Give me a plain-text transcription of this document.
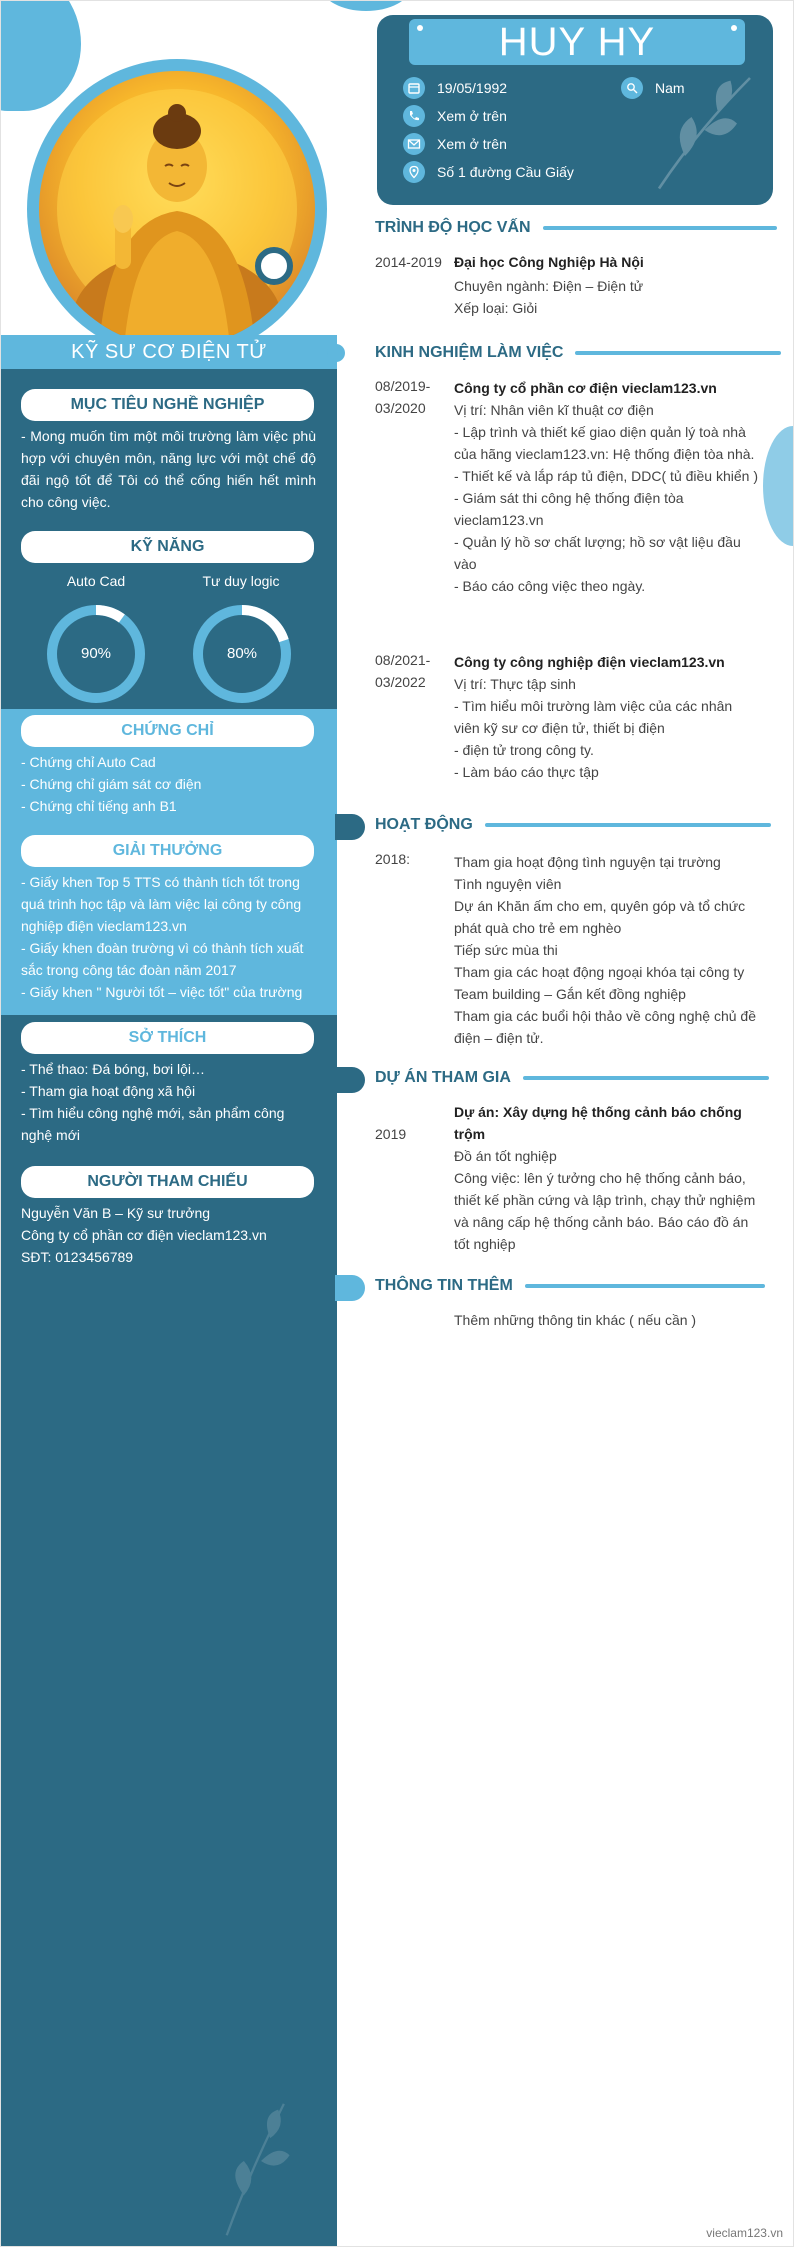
HUY HY
19/05/1992	Nam
Xem ở trên
Xem ở trên
Số 1 đường Cầu Giấy
KỸ SƯ CƠ ĐIỆN TỬ
MỤC TIÊU NGHỀ NGHIỆP
- Mong muốn tìm một môi trường làm việc phù hợp với chuyên môn, năng lực với một chế độ đãi ngộ tốt để Tôi có thể cống hiến hết mình cho công việc.
KỸ NĂNG
Auto Cad	Tư duy logic
90%	80%
CHỨNG CHỈ

- Chứng chỉ Auto Cad

- Chứng chỉ giám sát cơ điện

- Chứng chỉ tiếng anh B1

GIẢI THƯỞNG

- Giấy khen Top 5 TTS có thành tích tốt trong quá trình học tập và làm việc lại công ty công nghiệp điện vieclam123.vn

- Giấy khen đoàn trường vì có thành tích xuất sắc trong công tác đoàn năm 2017

- Giấy khen " Người tốt – việc tốt" của trường

SỞ THÍCH

- Thể thao: Đá bóng, bơi lội…

- Tham gia hoạt động xã hội

- Tìm hiểu công nghệ mới, sản phẩm công nghệ mới

NGƯỜI THAM CHIẾU

Nguyễn Văn B – Kỹ sư trưởng

Công ty cổ phần cơ điện vieclam123.vn

SĐT: 0123456789

TRÌNH ĐỘ HỌC VẤN
2014-2019 Đại học Công Nghiệp Hà Nội
Chuyên ngành: Điện – Điện tử
Xếp loại: Giỏi
KINH NGHIỆM LÀM VIỆC
08/2019-
03/2020
Công ty cổ phần cơ điện vieclam123.vn
Vị trí: Nhân viên kĩ thuật cơ điện

- Lập trình và thiết kế giao diện quản lý toà nhà của hãng vieclam123.vn: Hệ thống điện tòa nhà.

- Thiết kế và lắp ráp tủ điện, DDC( tủ điều khiển )

- Giám sát thi công hệ thống điện tòa vieclam123.vn

- Quản lý hồ sơ chất lượng; hồ sơ vật liệu đầu vào

- Báo cáo công việc theo ngày.

08/2021-
03/2022
Công ty công nghiệp điện vieclam123.vn
Vị trí: Thực tập sinh

- Tìm hiểu môi trường làm việc của các nhân viên kỹ sư cơ điện tử, thiết bị điện

- điện tử trong công ty.

- Làm báo cáo thực tập

HOẠT ĐỘNG
2018:	Tham gia hoạt động tình nguyện tại trường

Tình nguyện viên

Dự án Khăn ấm cho em, quyên góp và tổ chức phát quà cho trẻ em nghèo

Tiếp sức mùa thi

Tham gia các hoạt động ngoại khóa tại công ty

Team building – Gắn kết đồng nghiệp

Tham gia các buổi hội thảo về công nghệ chủ đề điện – điện tử.

DỰ ÁN THAM GIA
2019
Dự án: Xây dựng hệ thống cảnh báo chống trộm
Đồ án tốt nghiệp
Công việc: lên ý tưởng cho hệ thống cảnh báo, thiết kế phần cứng và lập trình, chạy thử nghiệm và nâng cấp hệ thống cảnh báo. Báo cáo đồ án tốt nghiệp
THÔNG TIN THÊM
Thêm những thông tin khác ( nếu cần )
vieclam123.vn
